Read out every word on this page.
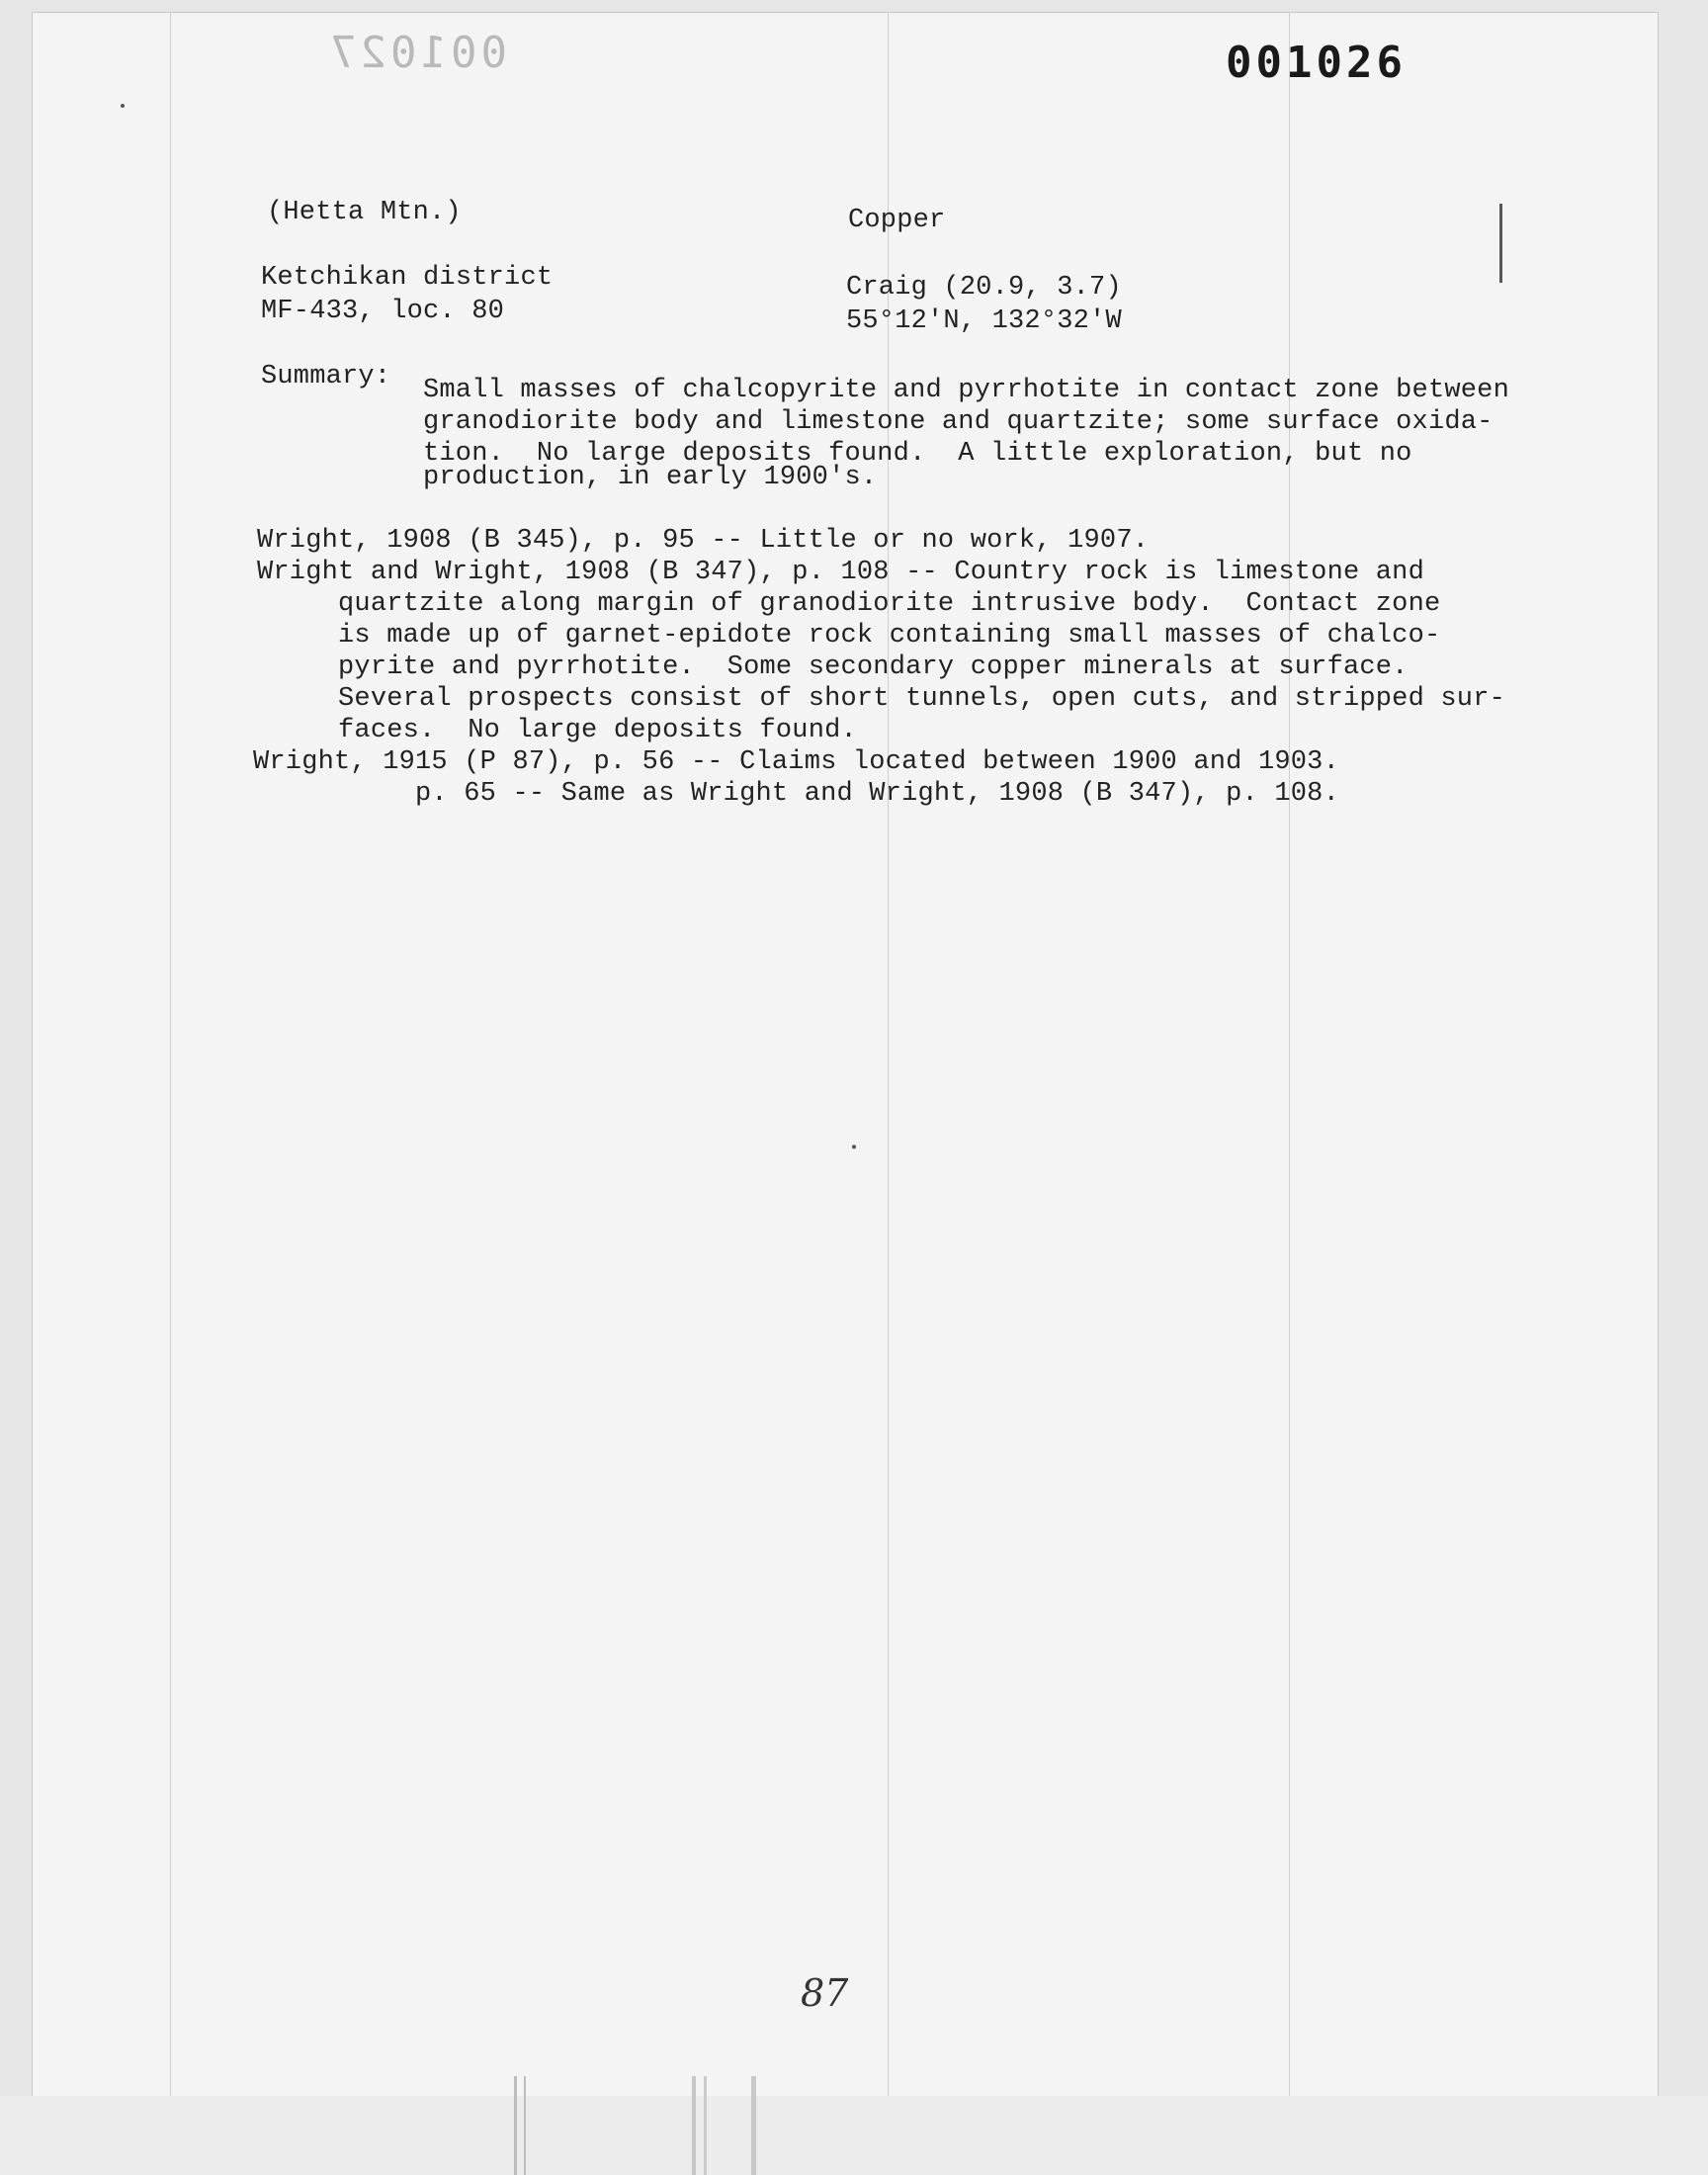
001027	001026
(Hetta Mtn.)	Copper
Ketchikan district
MF-433, loc. 80
Craig (20.9, 3.7)
55°12'N, 132°32'W
Summary: Small masses of chalcopyrite and pyrrhotite in contact zone between
granodiorite body and limestone and quartzite; some surface oxida-
tion.  No large deposits found.  A little exploration, but no
production, in early 1900's.
Wright, 1908 (B 345), p. 95 -- Little or no work, 1907.
Wright and Wright, 1908 (B 347), p. 108 -- Country rock is limestone and
quartzite along margin of granodiorite intrusive body.  Contact zone
is made up of garnet-epidote rock containing small masses of chalco-
pyrite and pyrrhotite.  Some secondary copper minerals at surface.
Several prospects consist of short tunnels, open cuts, and stripped sur-
faces.  No large deposits found.
Wright, 1915 (P 87), p. 56 -- Claims located between 1900 and 1903.
p. 65 -- Same as Wright and Wright, 1908 (B 347), p. 108.
87
